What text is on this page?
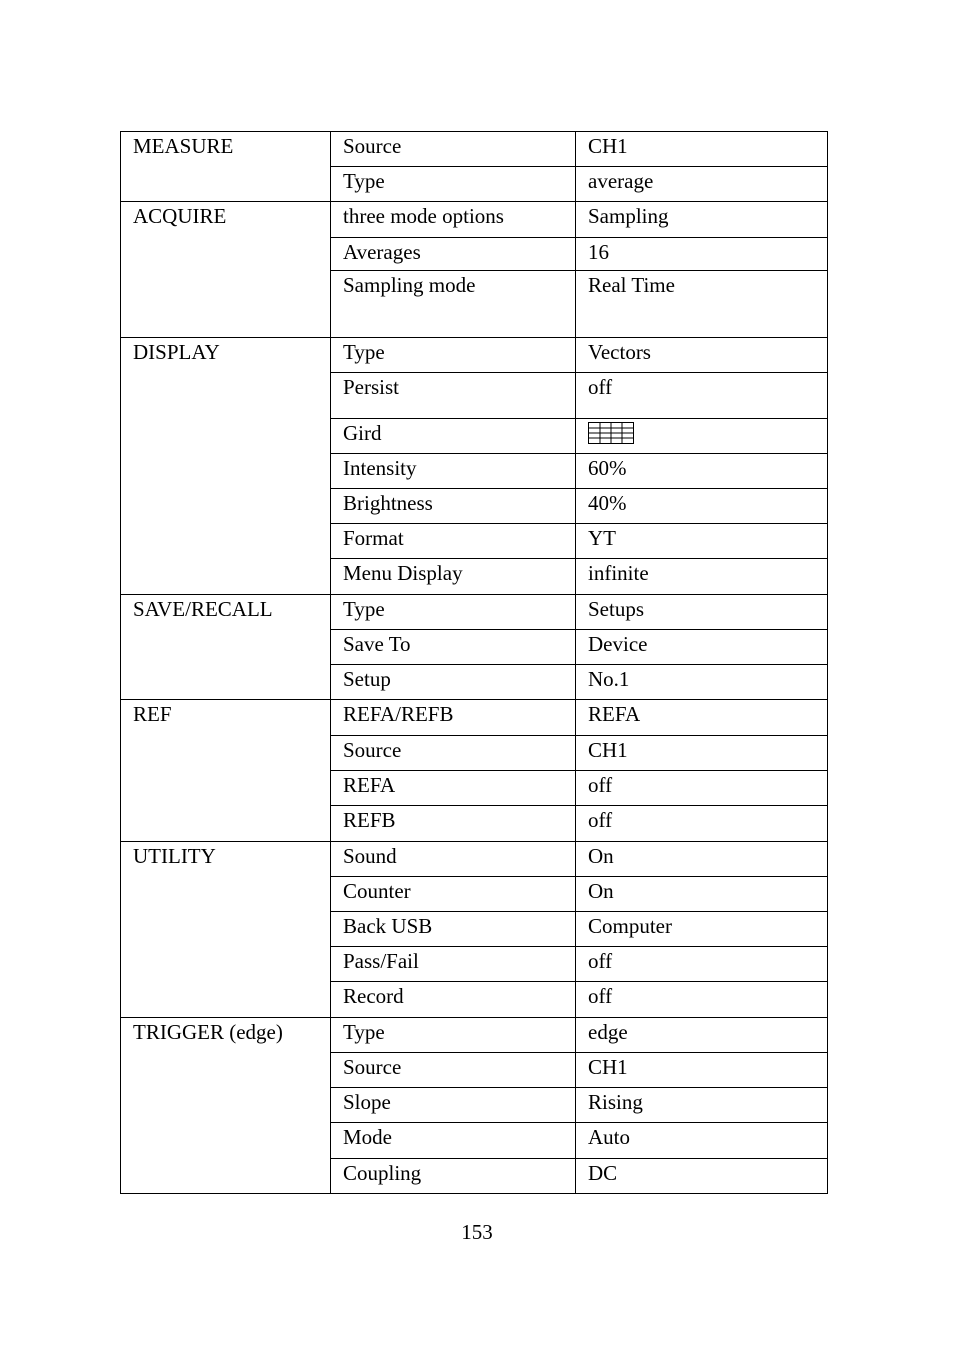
MEASURE	Source	CH1
	Type	average
ACQUIRE	three mode options	Sampling
	Averages	16
	Sampling mode	Real Time
DISPLAY	Type	Vectors
	Persist	off
	Gird	
	Intensity	60%
	Brightness	40%
	Format	YT
	Menu Display	infinite
SAVE/RECALL	Type	Setups
	Save To	Device
	Setup	No.1
REF	REFA/REFB	REFA
	Source	CH1
	REFA	off
	REFB	off
UTILITY	Sound	On
	Counter	On
	Back USB	Computer
	Pass/Fail	off
	Record	off
TRIGGER (edge)	Type	edge
	Source	CH1
	Slope	Rising
	Mode	Auto
	Coupling	DC
153
